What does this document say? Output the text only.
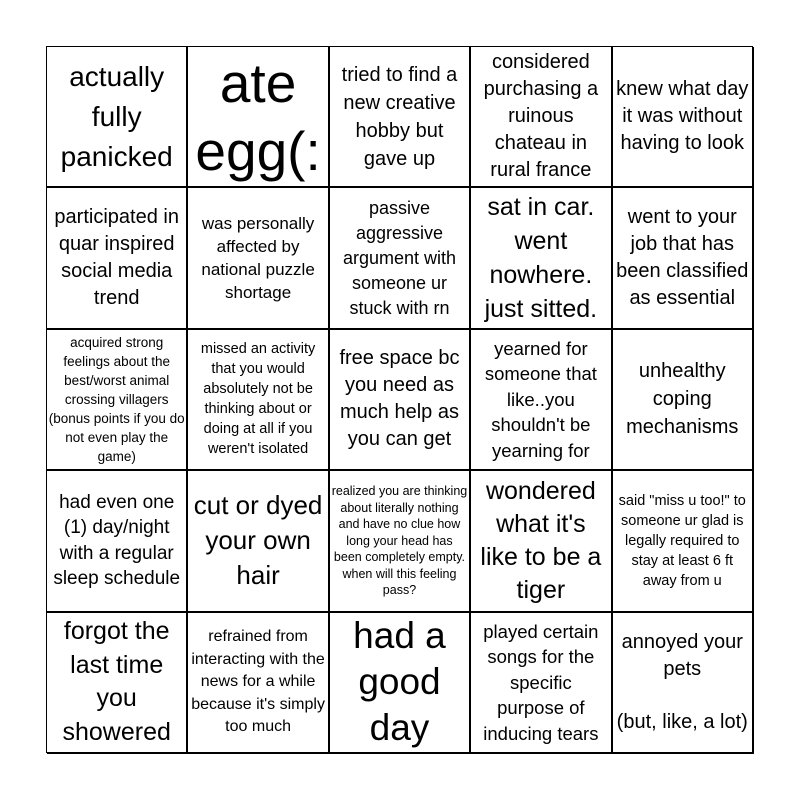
actually fully panicked
ate egg(:
tried to find a new creative hobby but gave up
considered purchasing a ruinous chateau in rural france
knew what day it was without having to look
participated in quar inspired social media trend
was personally affected by national puzzle shortage
passive aggressive argument with someone ur stuck with rn
sat in car. went nowhere. just sitted.
went to your job that has been classified as essential
acquired strong feelings about the best/worst animal crossing villagers (bonus points if you do not even play the game)
missed an activity that you would absolutely not be thinking about or doing at all if you weren't isolated
free space bc you need as much help as you can get
yearned for someone that like..you shouldn't be yearning for
unhealthy coping mechanisms
had even one (1) day/night with a regular sleep schedule
cut or dyed your own hair
realized you are thinking about literally nothing and have no clue how long your head has been completely empty. when will this feeling pass?
wondered what it's like to be a tiger
said "miss u too!" to someone ur glad is legally required to stay at least 6 ft away from u
forgot the last time you showered
refrained from interacting with the news for a while because it's simply too much
had a good day
played certain songs for the specific purpose of inducing tears
annoyed your pets

(but, like, a lot)
